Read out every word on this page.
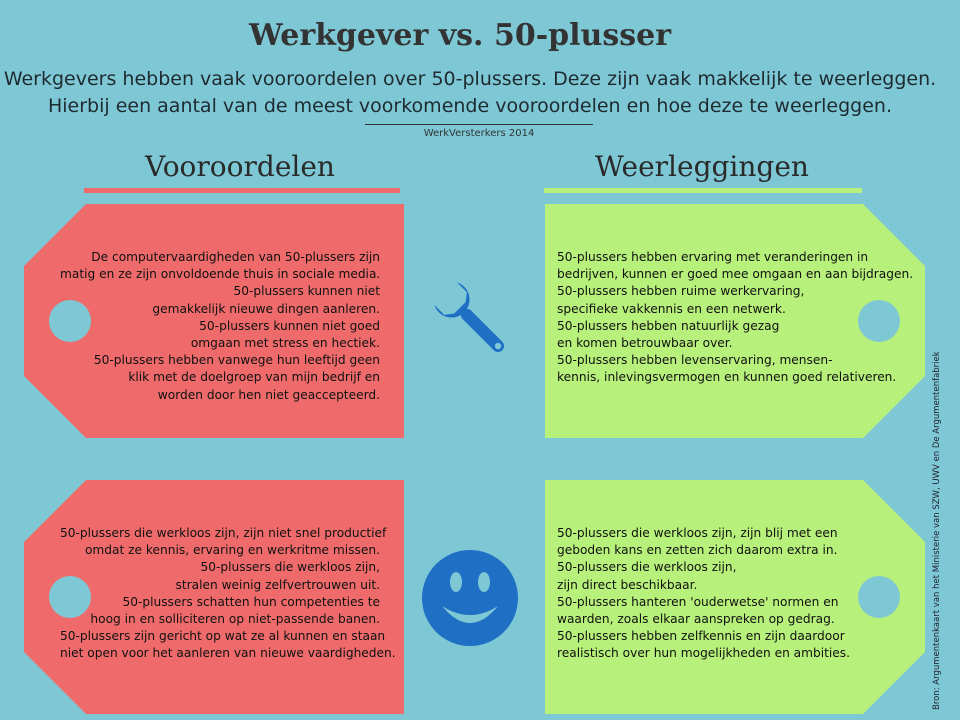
Werkgever vs. 50-plusser
Werkgevers hebben vaak vooroordelen over 50-plussers. Deze zijn vaak makkelijk te weerleggen.
Hierbij een aantal van de meest voorkomende vooroordelen en hoe deze te weerleggen.
WerkVersterkers 2014
Vooroordelen	Weerleggingen
De computervaardigheden van 50-plussers zijn
matig en ze zijn onvoldoende thuis in sociale media.
50-plussers kunnen niet
gemakkelijk nieuwe dingen aanleren.
50-plussers kunnen niet goed
omgaan met stress en hectiek.
50-plussers hebben vanwege hun leeftijd geen
klik met de doelgroep van mijn bedrijf en
worden door hen niet geaccepteerd.
50-plussers hebben ervaring met veranderingen in
bedrijven, kunnen er goed mee omgaan en aan bijdragen.
50-plussers hebben ruime werkervaring,
specifieke vakkennis en een netwerk.
50-plussers hebben natuurlijk gezag
en komen betrouwbaar over.
50-plussers hebben levenservaring, mensen-
kennis, inlevingsvermogen en kunnen goed relativeren.
50-plussers die werkloos zijn, zijn niet snel productief
omdat ze kennis, ervaring en werkritme missen.
50-plussers die werkloos zijn,
stralen weinig zelfvertrouwen uit.
50-plussers schatten hun competenties te
hoog in en solliciteren op niet-passende banen.
50-plussers zijn gericht op wat ze al kunnen en staan
niet open voor het aanleren van nieuwe vaardigheden.
50-plussers die werkloos zijn, zijn blij met een
geboden kans en zetten zich daarom extra in.
50-plussers die werkloos zijn,
zijn direct beschikbaar.
50-plussers hanteren 'ouderwetse' normen en
waarden, zoals elkaar aanspreken op gedrag.
50-plussers hebben zelfkennis en zijn daardoor
realistisch over hun mogelijkheden en ambities.	Bron: Argumentenkaart van het Ministerie van SZW, UWV en De Argumentenfabriek
